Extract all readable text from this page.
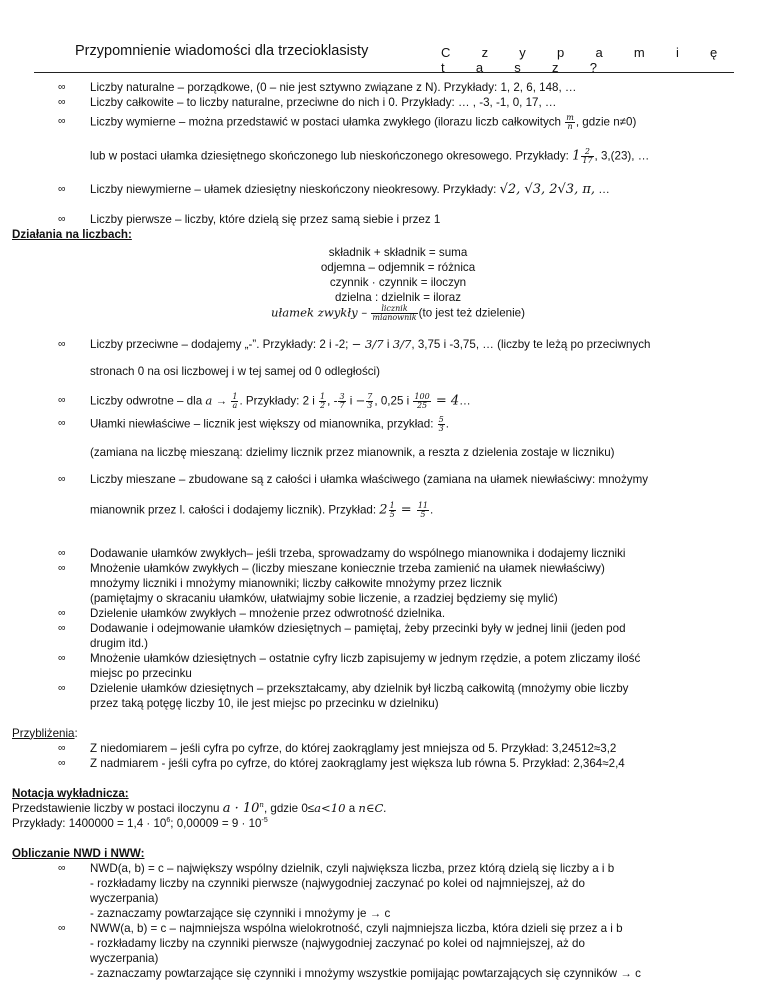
Przypomnienie wiadomości dla trzecioklasisty	C z y p a m i ę t a s z ?

∞ Liczby naturalne – porządkowe, (0 – nie jest sztywno związane z N). Przykłady: 1, 2, 6, 148, …

∞ Liczby całkowite – to liczby naturalne, przeciwne do nich i 0. Przykłady: … , -3, -1, 0, 17, …

∞ Liczby wymierne – można przedstawić w postaci ułamka zwykłego (ilorazu liczb całkowitych $\frac{m}{n}$ , gdzie n≠0)

lub w postaci ułamka dziesiętnego skończonego lub nieskończonego okresowego. Przykłady: $1 \frac{2}{17}$ , 3,(23), …

∞ Liczby niewymierne – ułamek dziesiętny nieskończony nieokresowy. Przykłady: √2, √3, 2√3, π, …

∞ Liczby pierwsze – liczby, które dzielą się przez samą siebie i przez 1

Działania na liczbach:
składnik + składnik = suma
odjemna – odjemnik = różnica
czynnik · czynnik = iloczyn
dzielna : dzielnik = iloraz
ułamek zwykły – $\frac{\text{licznik}}{\text{mianownik}} (to$ jest też dzielenie)

∞ Liczby przeciwne – dodajemy „-”. Przykłady: 2 i -2; − 3/7 i 3/7, 3,75 i -3,75, … (liczby te leżą po przeciwnych

stronach 0 na osi liczbowej i w tej samej od 0 odległości)

∞ Liczby odwrotne – dla $a \to \frac{1}{a}$ . Przykłady: 2 i $\frac{1}{2}$ , - $\frac{3}{7}$ $i - \frac{7}{3}$ , 0,25 i $\frac{100}{25}$ = 4…

∞ Ułamki niewłaściwe – licznik jest większy od mianownika, przykład: $\frac{5}{3}$ .

(zamiana na liczbę mieszaną: dzielimy licznik przez mianownik, a reszta z dzielenia zostaje w liczniku)

∞ Liczby mieszane – zbudowane są z całości i ułamka właściwego (zamiana na ułamek niewłaściwy: mnożymy

mianownik przez l. całości i dodajemy licznik). Przykład: $2 \frac{1}{5} = \frac{11}{5}$ .

∞ Dodawanie ułamków zwykłych– jeśli trzeba, sprowadzamy do wspólnego mianownika i dodajemy liczniki

∞ Mnożenie ułamków zwykłych – (liczby mieszane koniecznie trzeba zamienić na ułamek niewłaściwy)
mnożymy liczniki i mnożymy mianowniki; liczby całkowite mnożymy przez licznik
(pamiętajmy o skracaniu ułamków, ułatwiajmy sobie liczenie, a rzadziej będziemy się mylić)

∞ Dzielenie ułamków zwykłych – mnożenie przez odwrotność dzielnika.

∞ Dodawanie i odejmowanie ułamków dziesiętnych – pamiętaj, żeby przecinki były w jednej linii (jeden pod
drugim itd.)

∞ Mnożenie ułamków dziesiętnych – ostatnie cyfry liczb zapisujemy w jednym rzędzie, a potem zliczamy ilość
miejsc po przecinku

∞ Dzielenie ułamków dziesiętnych – przekształcamy, aby dzielnik był liczbą całkowitą (mnożymy obie liczby
przez taką potęgę liczby 10, ile jest miejsc po przecinku w dzielniku)

Przybliżenia:

∞ Z niedomiarem – jeśli cyfra po cyfrze, do której zaokrąglamy jest mniejsza od 5. Przykład: 3,24512≈3,2

∞ Z nadmiarem - jeśli cyfra po cyfrze, do której zaokrąglamy jest większa lub równa 5. Przykład: 2,364≈2,4

Notacja wykładnicza:
Przedstawienie liczby w postaci iloczynu $a \cdot 10^n$, gdzie 0≤a<10 a n∈C.
Przykłady: $1400000 = 1,4 \cdot 10^6$; $0,00009 = 9 \cdot 10^{-5}$
Obliczanie NWD i NWW:

∞ NWD(a, b) = c – największy wspólny dzielnik, czyli największa liczba, przez którą dzielą się liczby a i b
- rozkładamy liczby na czynniki pierwsze (najwygodniej zaczynać po kolei od najmniejszej, aż do
wyczerpania)
- zaznaczamy powtarzające się czynniki i mnożymy je → c

∞ NWW(a, b) = c – najmniejsza wspólna wielokrotność, czyli najmniejsza liczba, która dzieli się przez a i b
- rozkładamy liczby na czynniki pierwsze (najwygodniej zaczynać po kolei od najmniejszej, aż do
wyczerpania)
- zaznaczamy powtarzające się czynniki i mnożymy wszystkie pomijając powtarzających się czynników → c
